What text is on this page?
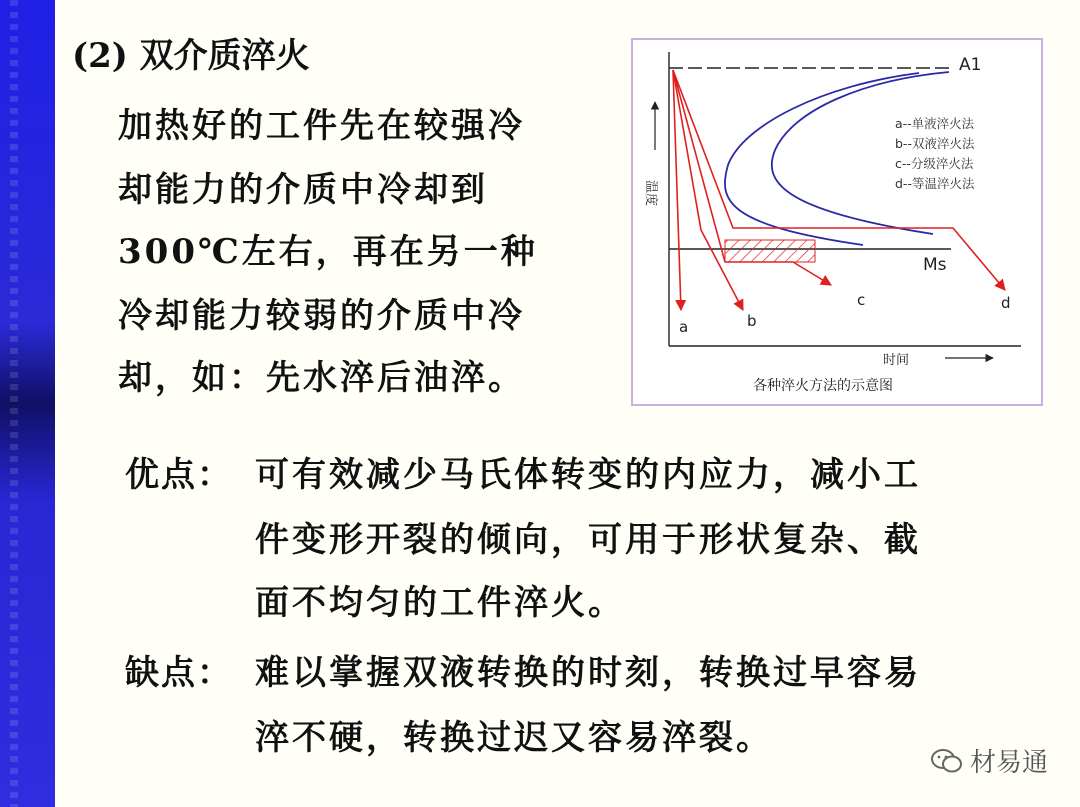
(2) 双介质淬火
加热好的工件先在较强冷
却能力的介质中冷却到
300℃左右，再在另一种
冷却能力较弱的介质中冷
却，如：先水淬后油淬。
优点： 可有效减少马氏体转变的内应力，减小工
件变形开裂的倾向，可用于形状复杂、截
面不均匀的工件淬火。
缺点： 难以掌握双液转换的时刻，转换过早容易
淬不硬，转换过迟又容易淬裂。
A1
Ms
a	b
c	d
a--单液淬火法
b--双液淬火法
c--分级淬火法
d--等温淬火法
温度
时间
各种淬火方法的示意图
材易通
